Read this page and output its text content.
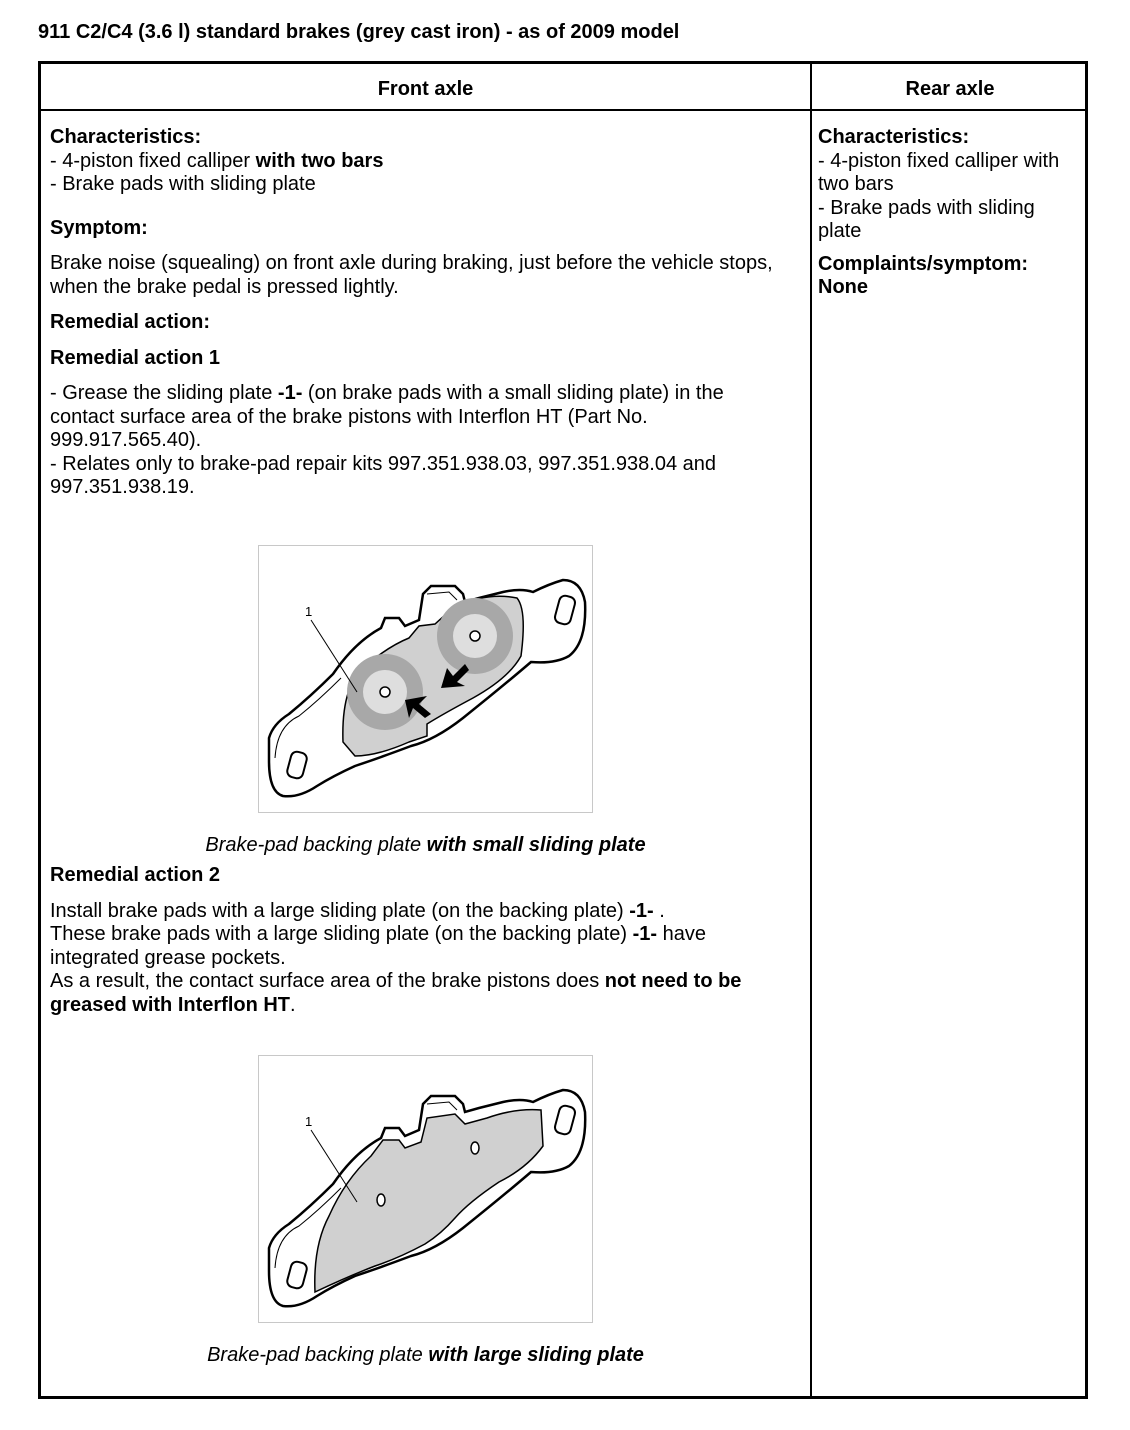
911 C2/C4 (3.6 l) standard brakes (grey cast iron) - as of 2009 model
Front axle	Rear axle
Characteristics:
- 4-piston fixed calliper with two bars
- Brake pads with sliding plate
Symptom:
Brake noise (squealing) on front axle during braking, just before the vehicle stops, when the brake pedal is pressed lightly.
Remedial action:
Remedial action 1
- Grease the sliding plate -1- (on brake pads with a small sliding plate) in the contact surface area of the brake pistons with Interflon HT (Part No. 999.917.565.40).
- Relates only to brake-pad repair kits 997.351.938.03, 997.351.938.04 and 997.351.938.19.
1
Brake-pad backing plate with small sliding plate
Remedial action 2
Install brake pads with a large sliding plate (on the backing plate) -1- .
These brake pads with a large sliding plate (on the backing plate) -1- have integrated grease pockets.
As a result, the contact surface area of the brake pistons does not need to be greased with Interflon HT.
1
Brake-pad backing plate with large sliding plate
Characteristics:
- 4-piston fixed calliper with two bars
- Brake pads with sliding plate
Complaints/symptom:
None
